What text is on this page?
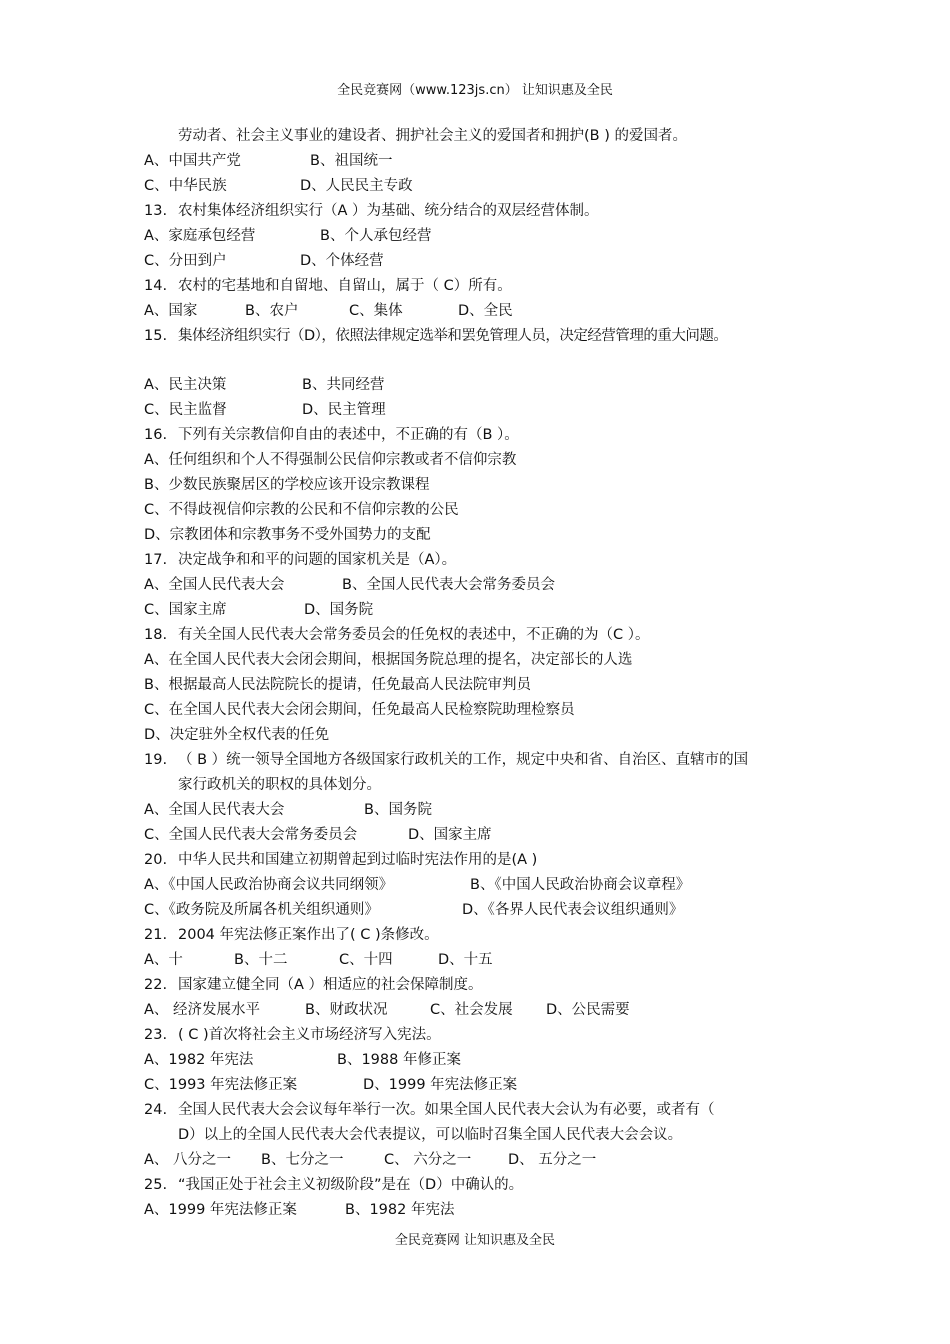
全民竞赛网（www.123js.cn） 让知识惠及全民
劳动者、社会主义事业的建设者、拥护社会主义的爱国者和拥护(B ) 的爱国者。
A、中国共产党	B、祖国统一
C、中华民族	D、人民民主专政
13. 农村集体经济组织实行（A ）为基础、统分结合的双层经营体制。
A、家庭承包经营	B、个人承包经营
C、分田到户	D、个体经营
14. 农村的宅基地和自留地、自留山，属于（ C）所有。
A、国家	B、农户	C、集体	D、全民
15. 集体经济组织实行（D），依照法律规定选举和罢免管理人员，决定经营管理的重大问题。
A、民主决策	B、共同经营
C、民主监督	D、民主管理
16. 下列有关宗教信仰自由的表述中，不正确的有（B ）。
A、任何组织和个人不得强制公民信仰宗教或者不信仰宗教
B、少数民族聚居区的学校应该开设宗教课程
C、不得歧视信仰宗教的公民和不信仰宗教的公民
D、宗教团体和宗教事务不受外国势力的支配
17. 决定战争和和平的问题的国家机关是（A）。
A、全国人民代表大会	B、全国人民代表大会常务委员会
C、国家主席	D、国务院
18. 有关全国人民代表大会常务委员会的任免权的表述中，不正确的为（C ）。
A、在全国人民代表大会闭会期间，根据国务院总理的提名，决定部长的人选
B、根据最高人民法院院长的提请，任免最高人民法院审判员
C、在全国人民代表大会闭会期间，任免最高人民检察院助理检察员
D、决定驻外全权代表的任免
19. （ B ）统一领导全国地方各级国家行政机关的工作，规定中央和省、自治区、直辖市的国
家行政机关的职权的具体划分。
A、全国人民代表大会	B、国务院
C、全国人民代表大会常务委员会	D、国家主席
20. 中华人民共和国建立初期曾起到过临时宪法作用的是(A )
A、《中国人民政治协商会议共同纲领》	B、《中国人民政治协商会议章程》
C、《政务院及所属各机关组织通则》	D、《各界人民代表会议组织通则》
21. 2004 年宪法修正案作出了( C )条修改。
A、十	B、十二	C、十四	D、十五
22. 国家建立健全同（A ）相适应的社会保障制度。
A、 经济发展水平	B、财政状况	C、社会发展	D、公民需要
23. ( C )首次将社会主义市场经济写入宪法。
A、1982 年宪法	B、1988 年修正案
C、1993 年宪法修正案	D、1999 年宪法修正案
24. 全国人民代表大会会议每年举行一次。如果全国人民代表大会认为有必要，或者有（
D）以上的全国人民代表大会代表提议，可以临时召集全国人民代表大会会议。
A、 八分之一	B、七分之一	C、 六分之一	D、 五分之一
25. “我国正处于社会主义初级阶段”是在（D）中确认的。
A、1999 年宪法修正案	B、1982 年宪法
全民竞赛网 让知识惠及全民
